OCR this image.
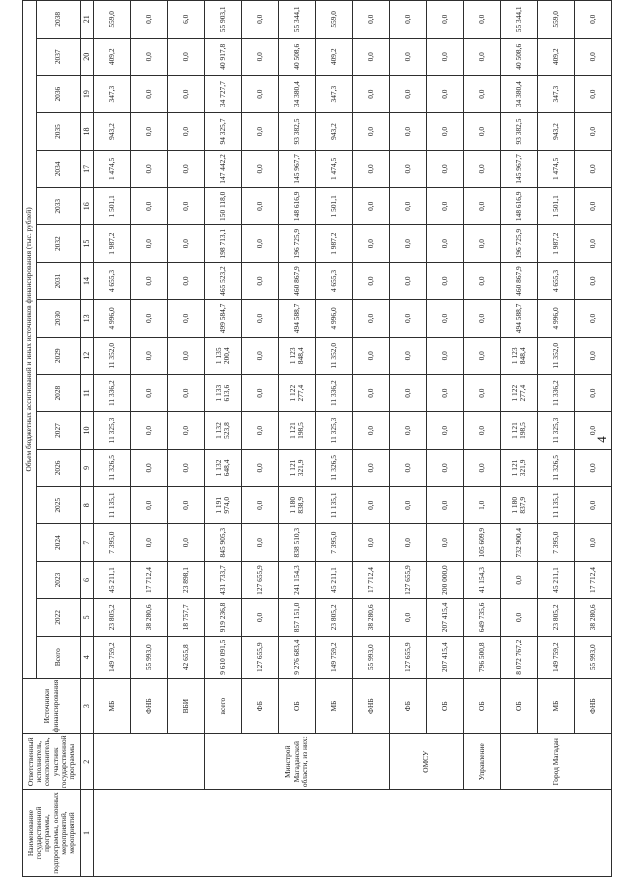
4
Наименование государственной программы, подпрограммы, основных мероприятий, мероприятий	Ответственный исполнитель, соисполнитель, участник государственной программы	Источники финансирования	Объем бюджетных ассигнований и иных источников финансирования (тыс. рублей)																	
			Всего	2022	2023	2024	2025	2026	2027	2028	2029	2030	2031	2032	2033	2034	2035	2036	2037	2038
1	2	3	4	5	6	7	8	9	10	11	12	13	14	15	16	17	18	19	20	21
		МБ	149 759,2	23 805,2	45 211,1	7 395,0	11 135,1	11 326,5	11 325,3	11 336,2	11 352,0	4 996,0	4 655,3	1 987,2	1 501,1	1 474,5	943,2	347,3	409,2	559,0
		ФНБ	55 993,0	38 280,6	17 712,4	0,0	0,0	0,0	0,0	0,0	0,0	0,0	0,0	0,0	0,0	0,0	0,0	0,0	0,0	0,0
		ВБИ	42 655,8	18 757,7	23 898,1	0,0	0,0	0,0	0,0	0,0	0,0	0,0	0,0	0,0	0,0	0,0	0,0	0,0	0,0	6,0
	Минстрой Магаданской области, из них:	всего	9 610 091,5	919 236,8	431 733,7	845 905,3	1 191 974,0	1 132 648,4	1 132 523,8	1 133 613,6	1 135 200,4	499 584,7	465 523,2	198 713,1	150 118,0	147 442,2	94 325,7	34 727,7	40 917,8	55 903,1
		ФБ	127 655,9	0,0	127 655,9	0,0	0,0	0,0	0,0	0,0	0,0	0,0	0,0	0,0	0,0	0,0	0,0	0,0	0,0	0,0
		ОБ	9 276 683,4	857 151,0	241 154,3	838 510,3	1 180 838,9	1 121 321,9	1 121 198,5	1 122 277,4	1 123 848,4	494 588,7	460 867,9	196 725,9	148 616,9	145 967,7	93 382,5	34 380,4	40 508,6	55 344,1
		МБ	149 759,2	23 805,2	45 211,1	7 395,0	11 135,1	11 326,5	11 325,3	11 336,2	11 352,0	4 996,0	4 655,3	1 987,2	1 501,1	1 474,5	943,2	347,3	409,2	559,0
		ФНБ	55 993,0	38 280,6	17 712,4	0,0	0,0	0,0	0,0	0,0	0,0	0,0	0,0	0,0	0,0	0,0	0,0	0,0	0,0	0,0
	ОМСУ	ФБ	127 655,9	0,0	127 655,9	0,0	0,0	0,0	0,0	0,0	0,0	0,0	0,0	0,0	0,0	0,0	0,0	0,0	0,0	0,0
		ОБ	207 415,4	207 415,4	200 000,0	0,0	0,0	0,0	0,0	0,0	0,0	0,0	0,0	0,0	0,0	0,0	0,0	0,0	0,0	0,0
	Управление	ОБ	796 500,8	649 735,6	41 154,3	105 609,9	1,0	0,0	0,0	0,0	0,0	0,0	0,0	0,0	0,0	0,0	0,0	0,0	0,0	0,0
	Город Магадан	ОБ	8 072 767,2	0,0	0,0	732 900,4	1 180 837,9	1 121 321,9	1 121 198,5	1 122 277,4	1 123 848,4	494 588,7	460 867,9	196 725,9	148 616,9	145 967,7	93 382,5	34 380,4	40 508,6	55 344,1
		МБ	149 759,2	23 805,2	45 211,1	7 395,0	11 135,1	11 326,5	11 325,3	11 336,2	11 352,0	4 996,0	4 655,3	1 987,2	1 501,1	1 474,5	943,2	347,3	409,2	559,0
		ФНБ	55 993,0	38 280,6	17 712,4	0,0	0,0	0,0	0,0	0,0	0,0	0,0	0,0	0,0	0,0	0,0	0,0	0,0	0,0	0,0
